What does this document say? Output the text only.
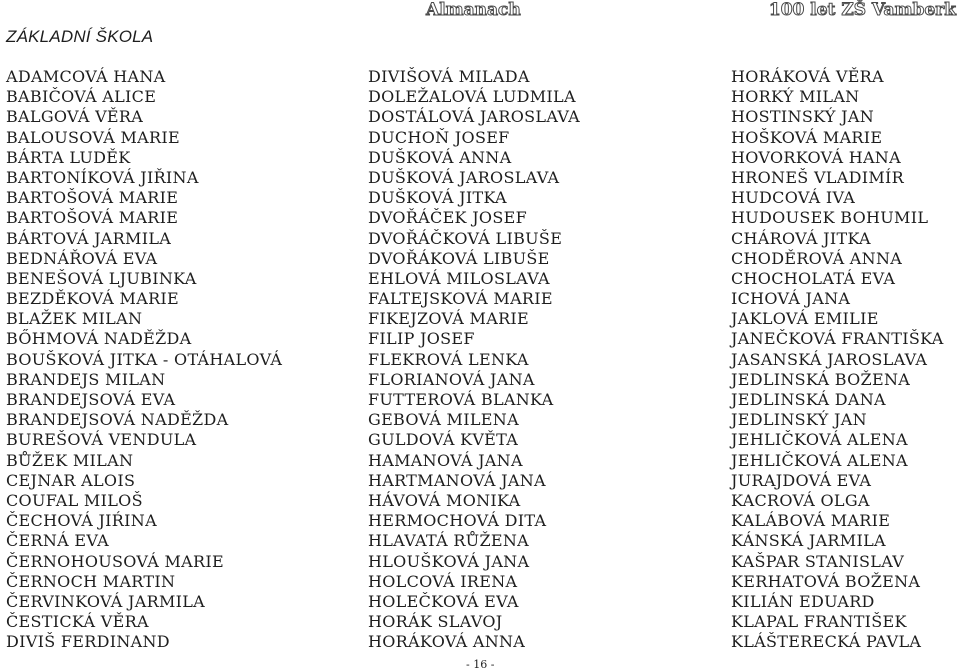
ZÁKLADNÍ ŠKOLA
Almanach	100 let ZŠ Vamberk
ADAMCOVÁ HANA
BABIČOVÁ ALICE
BALGOVÁ VĚRA
BALOUSOVÁ MARIE
BÁRTA LUDĚK
BARTONÍKOVÁ JIŘINA
BARTOŠOVÁ MARIE
BARTOŠOVÁ MARIE
BÁRTOVÁ JARMILA
BEDNÁŘOVÁ EVA
BENEŠOVÁ LJUBINKA
BEZDĚKOVÁ MARIE
BLAŽEK MILAN
BŐHMOVÁ NADĚŽDA
BOUŠKOVÁ JITKA - OTÁHALOVÁ
BRANDEJS MILAN
BRANDEJSOVÁ EVA
BRANDEJSOVÁ NADĚŽDA
BUREŠOVÁ VENDULA
BŮŽEK MILAN
CEJNAR ALOIS
COUFAL MILOŠ
ČECHOVÁ JIŔINA
ČERNÁ EVA
ČERNOHOUSOVÁ MARIE
ČERNOCH MARTIN
ČERVINKOVÁ JARMILA
ČESTICKÁ VĚRA
DIVIŠ FERDINAND
DIVIŠOVÁ MILADA
DOLEŽALOVÁ LUDMILA
DOSTÁLOVÁ JAROSLAVA
DUCHOŇ JOSEF
DUŠKOVÁ ANNA
DUŠKOVÁ JAROSLAVA
DUŠKOVÁ JITKA
DVOŘÁČEK JOSEF
DVOŘÁČKOVÁ LIBUŠE
DVOŘÁKOVÁ LIBUŠE
EHLOVÁ MILOSLAVA
FALTEJSKOVÁ MARIE
FIKEJZOVÁ MARIE
FILIP JOSEF
FLEKROVÁ LENKA
FLORIANOVÁ JANA
FUTTEROVÁ BLANKA
GEBOVÁ MILENA
GULDOVÁ KVĚTA
HAMANOVÁ JANA
HARTMANOVÁ JANA
HÁVOVÁ MONIKA
HERMOCHOVÁ DITA
HLAVATÁ RŮŽENA
HLOUŠKOVÁ JANA
HOLCOVÁ IRENA
HOLEČKOVÁ EVA
HORÁK SLAVOJ
HORÁKOVÁ ANNA
HORÁKOVÁ VĚRA
HORKÝ MILAN
HOSTINSKÝ JAN
HOŠKOVÁ MARIE
HOVORKOVÁ HANA
HRONEŠ VLADIMÍR
HUDCOVÁ IVA
HUDOUSEK BOHUMIL
CHÁROVÁ JITKA
CHODĚROVÁ ANNA
CHOCHOLATÁ EVA
ICHOVÁ JANA
JAKLOVÁ EMILIE
JANEČKOVÁ FRANTIŠKA
JASANSKÁ JAROSLAVA
JEDLINSKÁ BOŽENA
JEDLINSKÁ DANA
JEDLINSKÝ JAN
JEHLIČKOVÁ ALENA
JEHLIČKOVÁ ALENA
JURAJDOVÁ EVA
KACROVÁ OLGA
KALÁBOVÁ MARIE
KÁNSKÁ JARMILA
KAŠPAR STANISLAV
KERHATOVÁ BOŽENA
KILIÁN EDUARD
KLAPAL FRANTIŠEK
KLÁŠTERECKÁ PAVLA
- 16 -
